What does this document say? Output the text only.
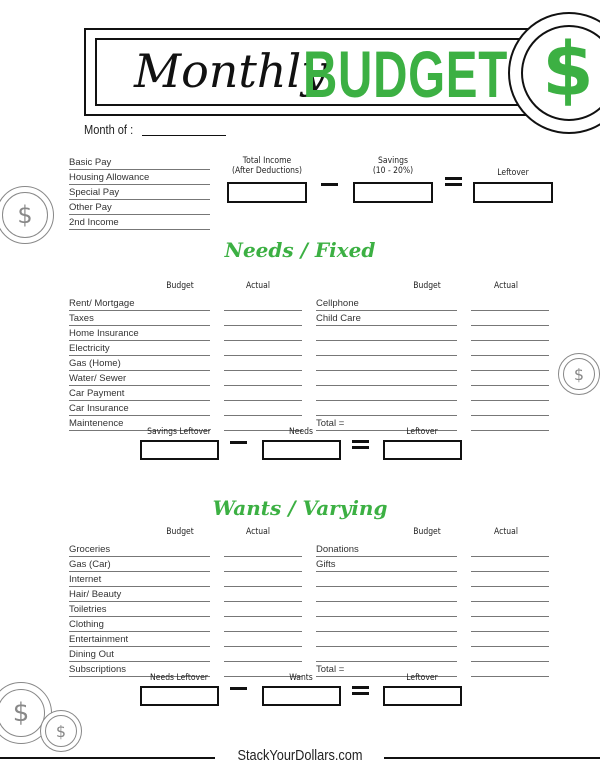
$
Monthly
BUDGET
Month of :
Total Income
(After Deductions)
Savings
(10 - 20%)	Leftover
Needs / Fixed
Wants / Varying
StackYourDollars.com
$
$
$
$
Basic Pay
Housing Allowance
Special Pay
Other Pay
2nd Income
Budget	Actual	Budget	Actual
Rent/ Mortgage	Cellphone
Taxes	Child Care
Home Insurance
Electricity
Gas (Home)
Water/ Sewer
Car Payment
Car Insurance
Maintenence	Total =
Savings Leftover	Needs	Leftover
Budget	Actual	Budget	Actual
Groceries	Donations
Gas (Car)	Gifts
Internet
Hair/ Beauty
Toiletries
Clothing
Entertainment
Dining Out
Subscriptions	Total =
Needs Leftover	Wants	Leftover
